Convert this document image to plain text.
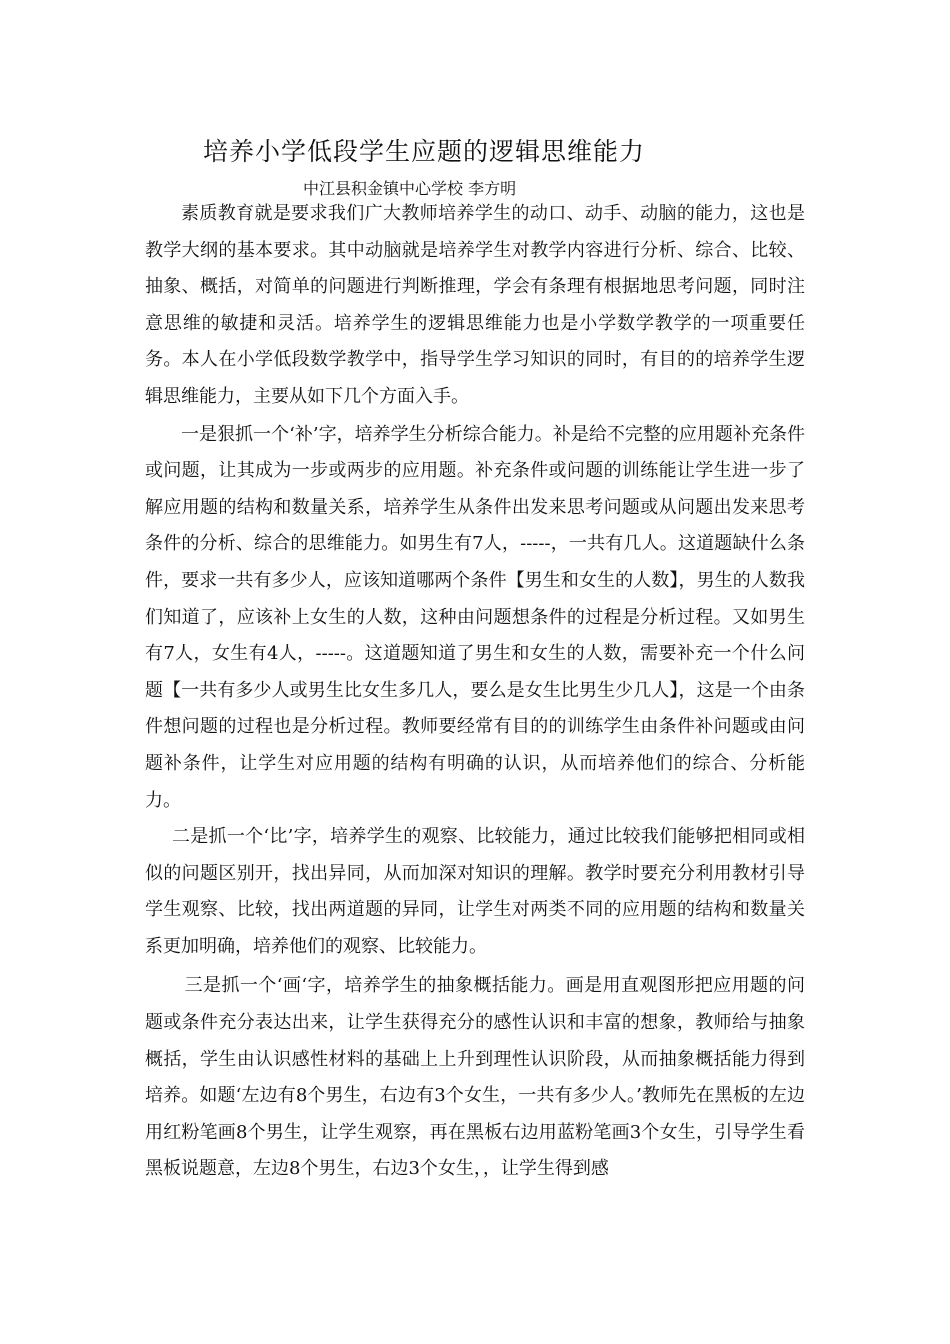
培养小学低段学生应题的逻辑思维能力
中江县积金镇中心学校 李方明

素质教育就是要求我们广大教师培养学生的动口、动手、动脑的能力，这也是教学大纲的基本要求。其中动脑就是培养学生对教学内容进行分析、综合、比较、抽象、概括，对简单的问题进行判断推理，学会有条理有根据地思考问题，同时注意思维的敏捷和灵活。培养学生的逻辑思维能力也是小学数学教学的一项重要任务。本人在小学低段数学教学中，指导学生学习知识的同时，有目的的培养学生逻辑思维能力，主要从如下几个方面入手。

一是狠抓一个‘补’字，培养学生分析综合能力。补是给不完整的应用题补充条件或问题，让其成为一步或两步的应用题。补充条件或问题的训练能让学生进一步了解应用题的结构和数量关系，培养学生从条件出发来思考问题或从问题出发来思考条件的分析、综合的思维能力。如男生有7人，-----，一共有几人。这道题缺什么条件，要求一共有多少人，应该知道哪两个条件【男生和女生的人数】，男生的人数我们知道了，应该补上女生的人数，这种由问题想条件的过程是分析过程。又如男生有7人，女生有4人，-----。这道题知道了男生和女生的人数，需要补充一个什么问题【一共有多少人或男生比女生多几人，要么是女生比男生少几人】，这是一个由条件想问题的过程也是分析过程。教师要经常有目的的训练学生由条件补问题或由问题补条件，让学生对应用题的结构有明确的认识，从而培养他们的综合、分析能力。

二是抓一个‘比’字，培养学生的观察、比较能力，通过比较我们能够把相同或相似的问题区别开，找出异同，从而加深对知识的理解。教学时要充分利用教材引导学生观察、比较，找出两道题的异同，让学生对两类不同的应用题的结构和数量关系更加明确，培养他们的观察、比较能力。

三是抓一个‘画‘字，培养学生的抽象概括能力。画是用直观图形把应用题的问题或条件充分表达出来，让学生获得充分的感性认识和丰富的想象，教师给与抽象概括，学生由认识感性材料的基础上上升到理性认识阶段，从而抽象概括能力得到培养。如题‘左边有8个男生，右边有3个女生，一共有多少人。’教师先在黑板的左边用红粉笔画8个男生，让学生观察，再在黑板右边用蓝粉笔画3个女生，引导学生看黑板说题意，左边8个男生，右边3个女生，，让学生得到感
